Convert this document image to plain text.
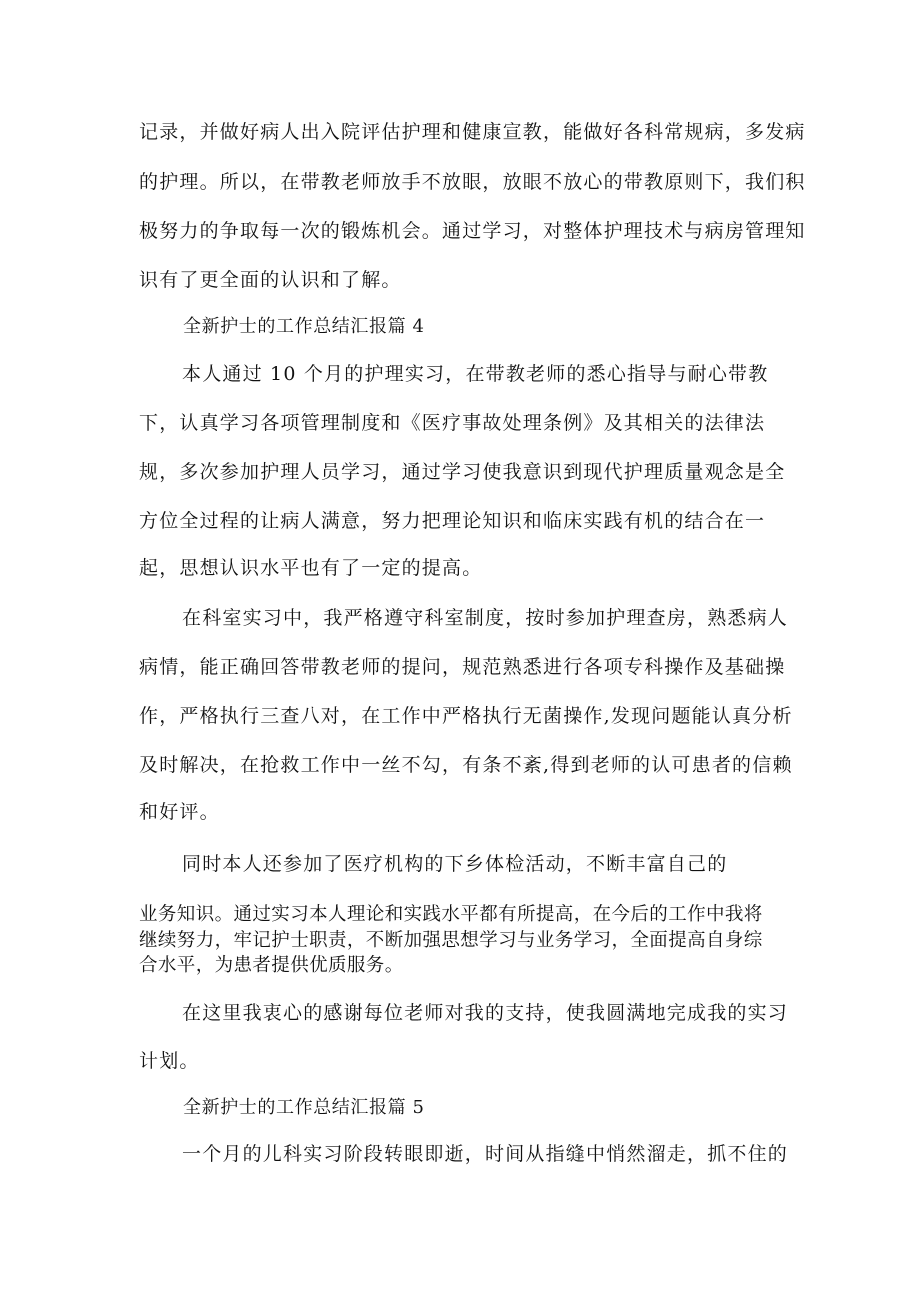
记录，并做好病人出入院评估护理和健康宣教，能做好各科常规病，多发病
的护理。所以，在带教老师放手不放眼，放眼不放心的带教原则下，我们积
极努力的争取每一次的锻炼机会。通过学习，对整体护理技术与病房管理知
识有了更全面的认识和了解。
全新护士的工作总结汇报篇 4
本人通过 10 个月的护理实习，在带教老师的悉心指导与耐心带教
下，认真学习各项管理制度和《医疗事故处理条例》及其相关的法律法
规，多次参加护理人员学习，通过学习使我意识到现代护理质量观念是全
方位全过程的让病人满意，努力把理论知识和临床实践有机的结合在一
起，思想认识水平也有了一定的提高。
在科室实习中，我严格遵守科室制度，按时参加护理查房，熟悉病人
病情，能正确回答带教老师的提问，规范熟悉进行各项专科操作及基础操
作，严格执行三查八对，在工作中严格执行无菌操作,发现问题能认真分析
及时解决，在抢救工作中一丝不勾，有条不紊,得到老师的认可患者的信赖
和好评。
同时本人还参加了医疗机构的下乡体检活动，不断丰富自己的
业务知识。通过实习本人理论和实践水平都有所提高，在今后的工作中我将
继续努力，牢记护士职责，不断加强思想学习与业务学习，全面提高自身综
合水平，为患者提供优质服务。
在这里我衷心的感谢每位老师对我的支持，使我圆满地完成我的实习
计划。
全新护士的工作总结汇报篇 5
一个月的儿科实习阶段转眼即逝，时间从指缝中悄然溜走，抓不住的
